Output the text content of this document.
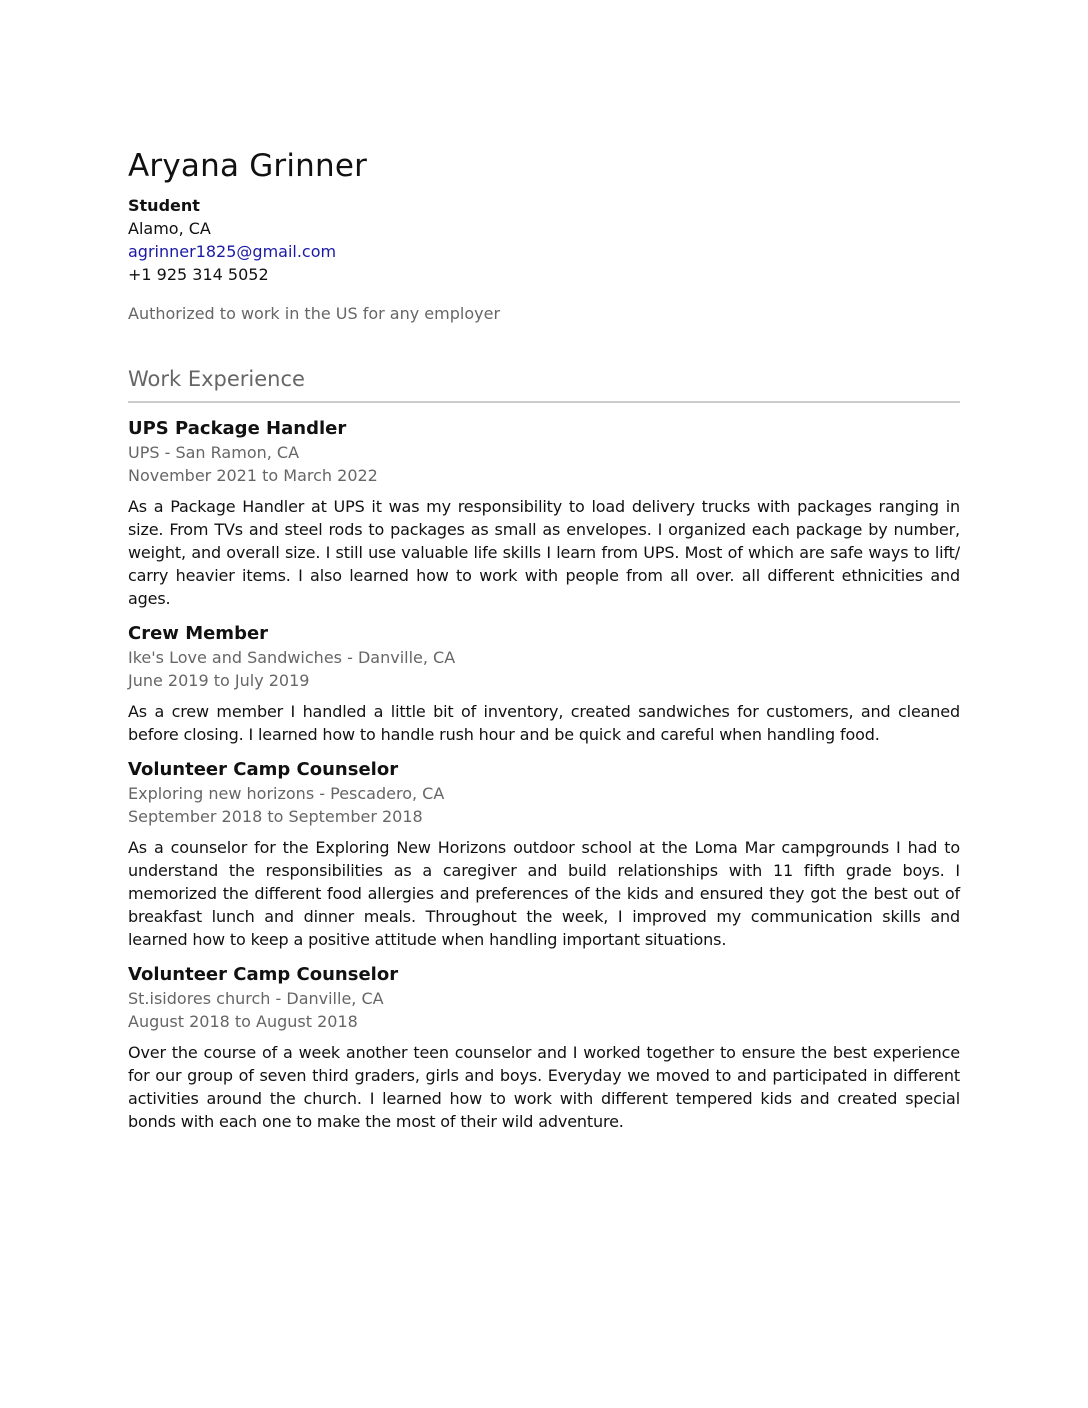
Aryana Grinner
Student
Alamo, CA
agrinner1825@gmail.com
+1 925 314 5052
Authorized to work in the US for any employer
Work Experience
UPS Package Handler
UPS - San Ramon, CA
November 2021 to March 2022
As a Package Handler at UPS it was my responsibility to load delivery trucks with packages ranging in size. From TVs and steel rods to packages as small as envelopes. I organized each package by number, weight, and overall size. I still use valuable life skills I learn from UPS. Most of which are safe ways to lift/ carry heavier items. I also learned how to work with people from all over. all different ethnicities and ages.
Crew Member
Ike's Love and Sandwiches - Danville, CA
June 2019 to July 2019
As a crew member I handled a little bit of inventory, created sandwiches for customers, and cleaned before closing. I learned how to handle rush hour and be quick and careful when handling food.
Volunteer Camp Counselor
Exploring new horizons - Pescadero, CA
September 2018 to September 2018
As a counselor for the Exploring New Horizons outdoor school at the Loma Mar campgrounds I had to understand the responsibilities as a caregiver and build relationships with 11 fifth grade boys. I memorized the different food allergies and preferences of the kids and ensured they got the best out of breakfast lunch and dinner meals. Throughout the week, I improved my communication skills and learned how to keep a positive attitude when handling important situations.
Volunteer Camp Counselor
St.isidores church - Danville, CA
August 2018 to August 2018
Over the course of a week another teen counselor and I worked together to ensure the best experience for our group of seven third graders, girls and boys. Everyday we moved to and participated in different activities around the church. I learned how to work with different tempered kids and created special bonds with each one to make the most of their wild adventure.
